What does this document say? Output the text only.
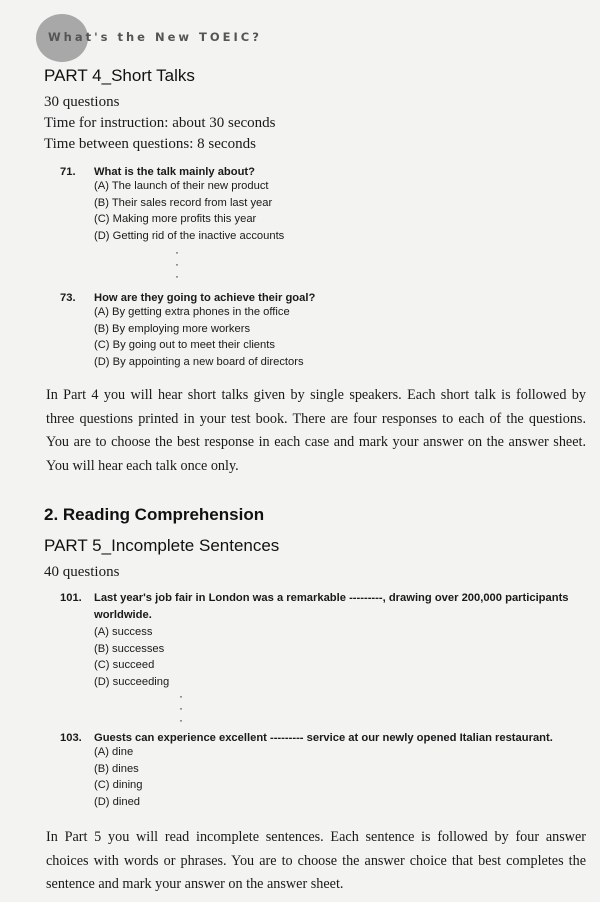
What's the New TOEIC?
PART 4_Short Talks
30 questions
Time for instruction: about 30 seconds
Time between questions: 8 seconds
71.	What is the talk mainly about?
(A) The launch of their new product
(B) Their sales record from last year
(C) Making more profits this year
(D) Getting rid of the inactive accounts
·
·
·
73.	How are they going to achieve their goal?
(A) By getting extra phones in the office
(B) By employing more workers
(C) By going out to meet their clients
(D) By appointing a new board of directors
In Part 4 you will hear short talks given by single speakers. Each short talk is followed by three questions printed in your test book. There are four responses to each of the questions. You are to choose the best response in each case and mark your answer on the answer sheet. You will hear each talk once only.
2. Reading Comprehension
PART 5_Incomplete Sentences
40 questions
101.	Last year's job fair in London was a remarkable ---------, drawing over 200,000 participants worldwide.
(A) success
(B) successes
(C) succeed
(D) succeeding
·
·
·
103.	Guests can experience excellent --------- service at our newly opened Italian restaurant.
(A) dine
(B) dines
(C) dining
(D) dined
In Part 5 you will read incomplete sentences. Each sentence is followed by four answer choices with words or phrases. You are to choose the answer choice that best completes the sentence and mark your answer on the answer sheet.
